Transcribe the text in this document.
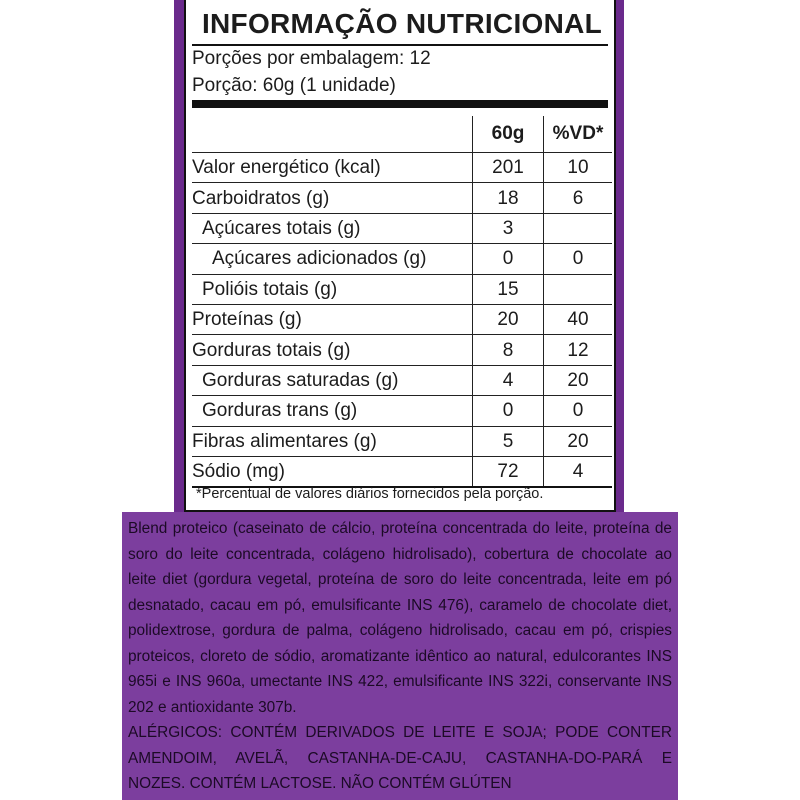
INFORMAÇÃO NUTRICIONAL
Porções por embalagem: 12
Porção: 60g (1 unidade)
	60g	%VD*
Valor energético (kcal)	201	10
Carboidratos (g)	18	6
Açúcares totais (g)	3	
Açúcares adicionados (g)	0	0
Polióis totais (g)	15	
Proteínas (g)	20	40
Gorduras totais (g)	8	12
Gorduras saturadas (g)	4	20
Gorduras trans (g)	0	0
Fibras alimentares (g)	5	20
Sódio (mg)	72	4
*Percentual de valores diários fornecidos pela porção.

Blend proteico (caseinato de cálcio, proteína concentrada do leite, proteína de soro do leite concentrada, colágeno hidrolisado), cobertura de chocolate ao leite diet (gordura vegetal, proteína de soro do leite concentrada, leite em pó desnatado, cacau em pó, emulsificante INS 476), caramelo de chocolate diet, polidextrose, gordura de palma, colágeno hidrolisado, cacau em pó, crispies proteicos, cloreto de sódio, aromatizante idêntico ao natural, edulcorantes INS 965i e INS 960a, umectante INS 422, emulsificante INS 322i, conservante INS 202 e antioxidante 307b.

ALÉRGICOS: CONTÉM DERIVADOS DE LEITE E SOJA; PODE CONTER AMENDOIM, AVELÃ, CASTANHA-DE-CAJU, CASTANHA-DO-PARÁ E NOZES. CONTÉM LACTOSE. NÃO CONTÉM GLÚTEN
